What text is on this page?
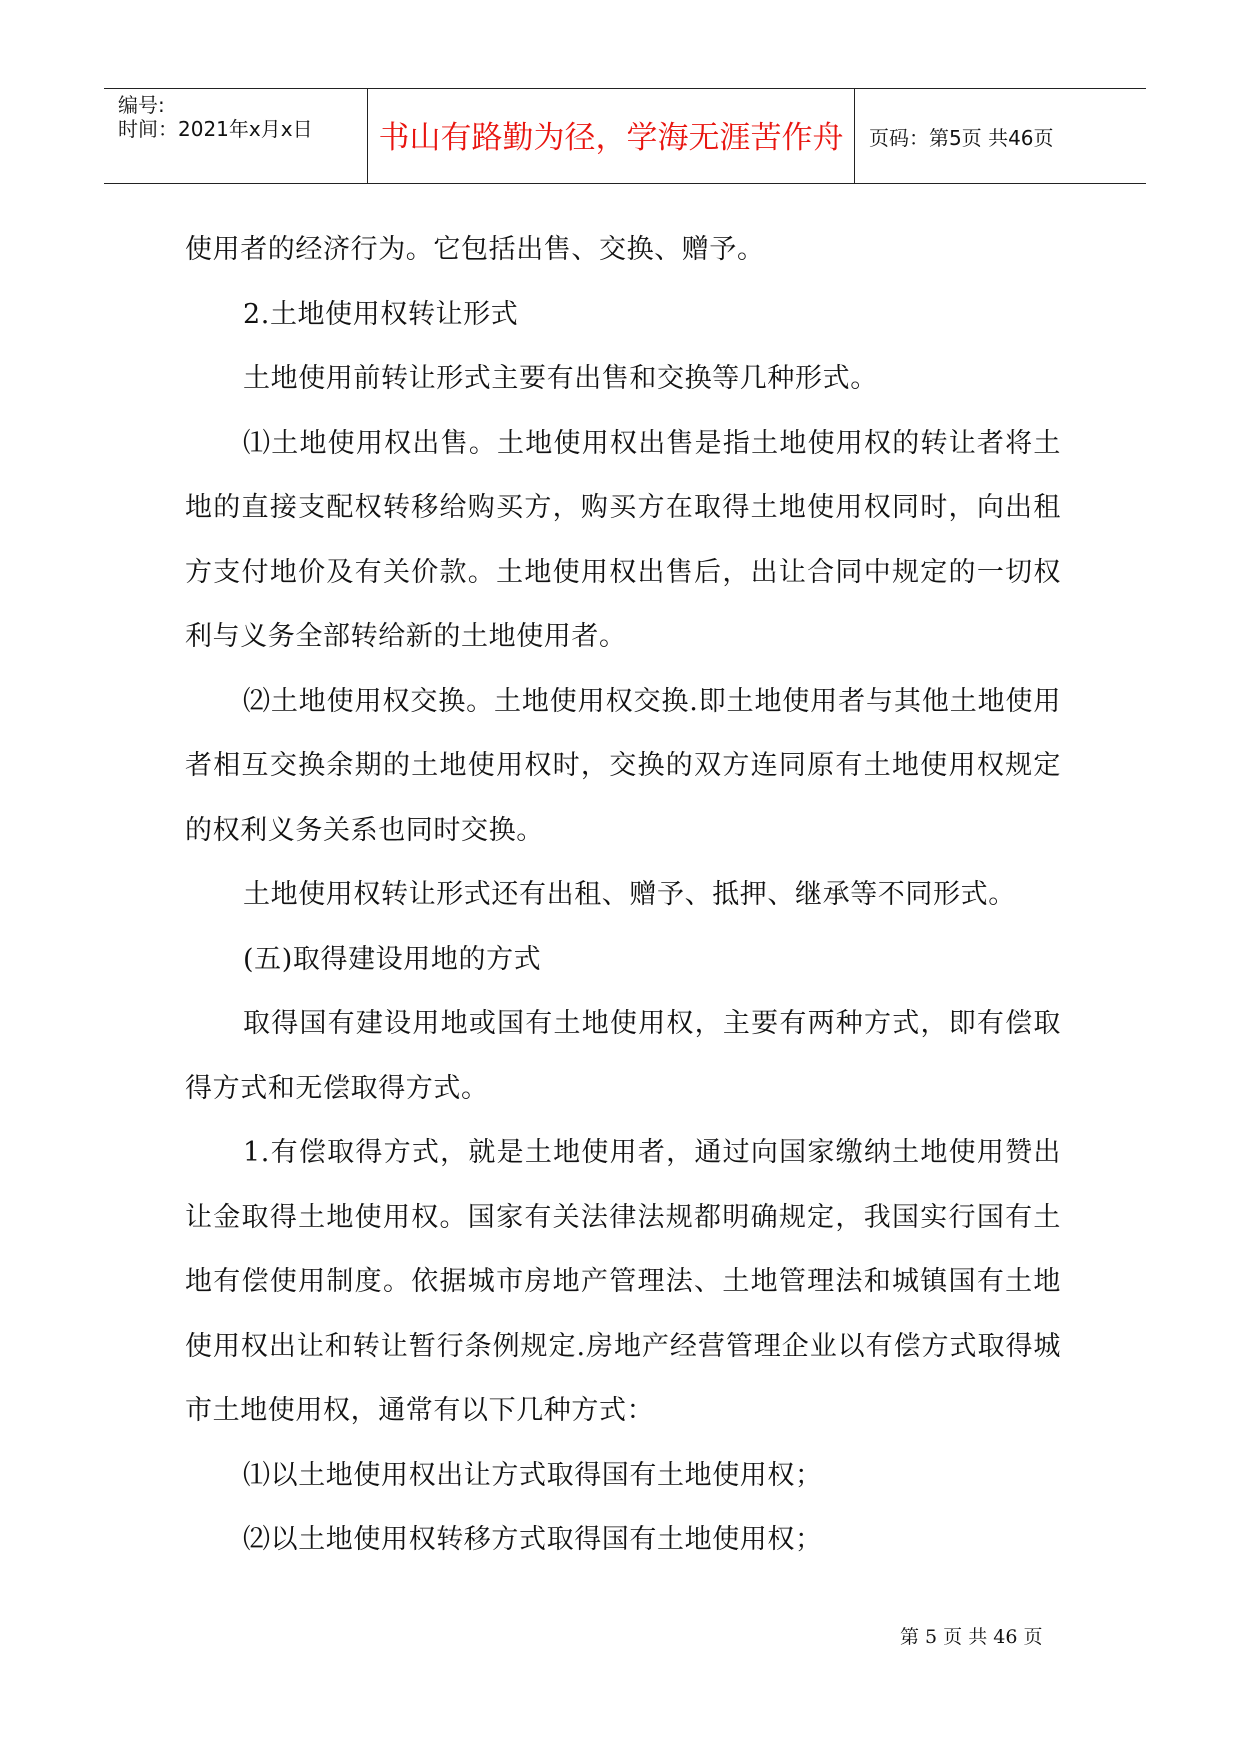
编号:
时间：2021年x月x日	书山有路勤为径，学海无涯苦作舟	页码：第5页 共46页

使用者的经济行为。它包括出售、交换、赠予。

2.土地使用权转让形式

土地使用前转让形式主要有出售和交换等几种形式。

⑴土地使用权出售。土地使用权出售是指土地使用权的转让者将土地的直接支配权转移给购买方，购买方在取得土地使用权同时，向出租方支付地价及有关价款。土地使用权出售后，出让合同中规定的一切权利与义务全部转给新的土地使用者。

⑵土地使用权交换。土地使用权交换.即土地使用者与其他土地使用者相互交换余期的土地使用权时，交换的双方连同原有土地使用权规定的权利义务关系也同时交换。

土地使用权转让形式还有出租、赠予、抵押、继承等不同形式。

(五)取得建设用地的方式

取得国有建设用地或国有土地使用权，主要有两种方式，即有偿取得方式和无偿取得方式。

1.有偿取得方式，就是土地使用者，通过向国家缴纳土地使用赞出让金取得土地使用权。国家有关法律法规都明确规定，我国实行国有土地有偿使用制度。依据城市房地产管理法、土地管理法和城镇国有土地使用权出让和转让暂行条例规定.房地产经营管理企业以有偿方式取得城市土地使用权，通常有以下几种方式：

⑴以土地使用权出让方式取得国有土地使用权；

⑵以土地使用权转移方式取得国有土地使用权；

第 5 页 共 46 页
